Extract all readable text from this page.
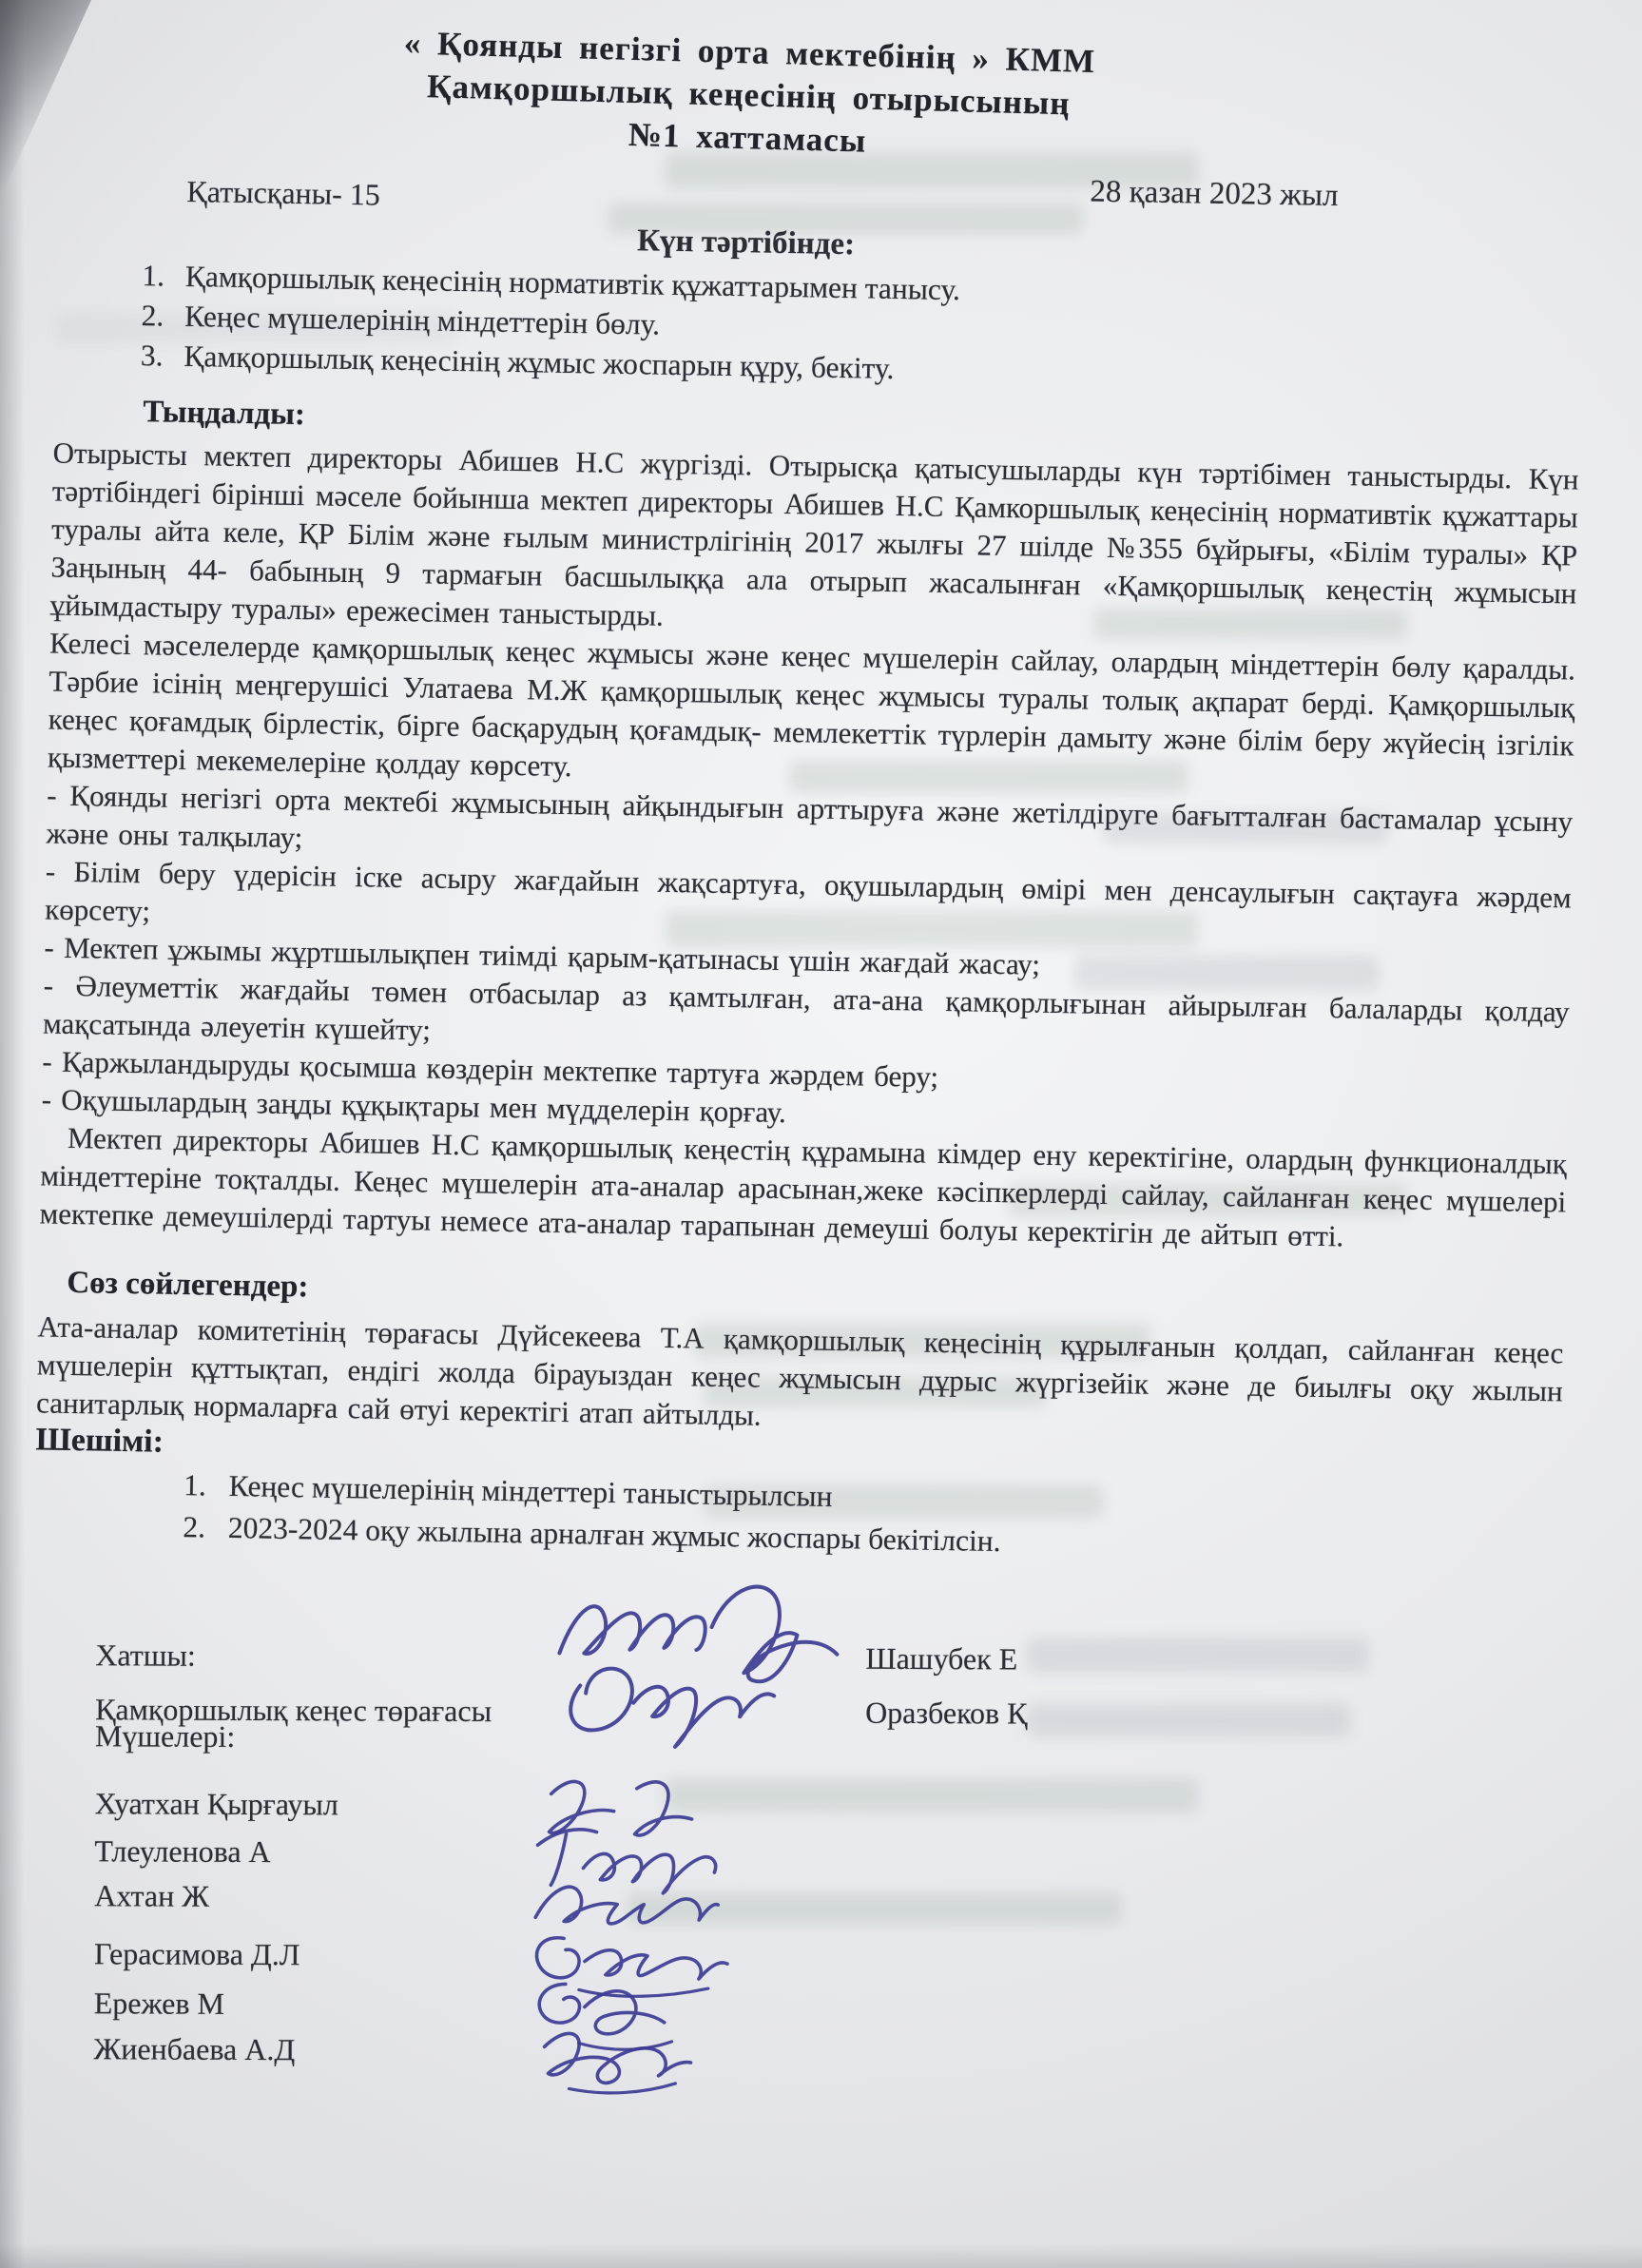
« Қоянды негізгі орта мектебінің » КММ
Қамқоршылық кеңесінің отырысының
№1 хаттамасы
Қатысқаны- 15	28 қазан 2023 жыл
Күн тәртібінде:
1. Қамқоршылық кеңесінің нормативтік құжаттарымен танысу.
2. Кеңес мүшелерінің міндеттерін бөлу.
3. Қамқоршылық кеңесінің жұмыс жоспарын құру, бекіту.
Тыңдалды:

Отырысты мектеп директоры Абишев Н.С жүргізді. Отырысқа қатысушыларды күн тәртібімен таныстырды. Күн тәртібіндегі бірінші мәселе бойынша мектеп директоры Абишев Н.С Қамкоршылық кеңесінің нормативтік құжаттары туралы айта келе, ҚР Білім және ғылым министрлігінің 2017 жылғы 27 шілде №355 бұйрығы, «Білім туралы» ҚР Заңының 44- бабының 9 тармағын басшылыққа ала отырып жасалынған «Қамқоршылық кеңестің жұмысын ұйымдастыру туралы» ережесімен таныстырды.

Келесі мәселелерде қамқоршылық кеңес жұмысы және кеңес мүшелерін сайлау, олардың міндеттерін бөлу қаралды. Тәрбие ісінің меңгерушісі Улатаева М.Ж қамқоршылық кеңес жұмысы туралы толық ақпарат берді. Қамқоршылық кеңес қоғамдық бірлестік, бірге басқарудың қоғамдық- мемлекеттік түрлерін дамыту және білім беру жүйесің ізгілік қызметтері мекемелеріне қолдау көрсету.

- Қоянды негізгі орта мектебі жұмысының айқындығын арттыруға және жетілдіруге бағытталған бастамалар ұсыну және оны талқылау;

- Білім беру үдерісін іске асыру жағдайын жақсартуға, оқушылардың өмірі мен денсаулығын сақтауға жәрдем көрсету;

- Мектеп ұжымы жұртшылықпен тиімді қарым-қатынасы үшін жағдай жасау;

- Әлеуметтік жағдайы төмен отбасылар аз қамтылған, ата-ана қамқорлығынан айырылған балаларды қолдау мақсатында әлеуетін күшейту;

- Қаржыландыруды қосымша көздерін мектепке тартуға жәрдем беру;

- Оқушылардың заңды құқықтары мен мүдделерін қорғау.

Мектеп директоры Абишев Н.С қамқоршылық кеңестің құрамына кімдер ену керектігіне, олардың функционалдық міндеттеріне тоқталды. Кеңес мүшелерін ата-аналар арасынан,жеке кәсіпкерлерді сайлау, сайланған кеңес мүшелері мектепке демеушілерді тартуы немесе ата-аналар тарапынан демеуші болуы керектігін де айтып өтті.

Сөз сөйлегендер:

Ата-аналар комитетінің төрағасы Дүйсекеева Т.А қамқоршылық кеңесінің құрылғанын қолдап, сайланған кеңес мүшелерін құттықтап, ендігі жолда бірауыздан кеңес жұмысын дұрыс жүргізейік және де биылғы оқу жылын санитарлық нормаларға сай өтуі керектігі атап айтылды.

Шешімі:
1. Кеңес мүшелерінің міндеттері таныстырылсын
2. 2023-2024 оқу жылына арналған жұмыс жоспары бекітілсін.
Хатшы:	Шашубек Е
Қамқоршылық кеңес төрағасы	Оразбеков Қ
Мүшелері:
Хуатхан Қырғауыл
Тлеуленова А
Ахтан Ж
Герасимова Д.Л
Ережев М
Жиенбаева А.Д
